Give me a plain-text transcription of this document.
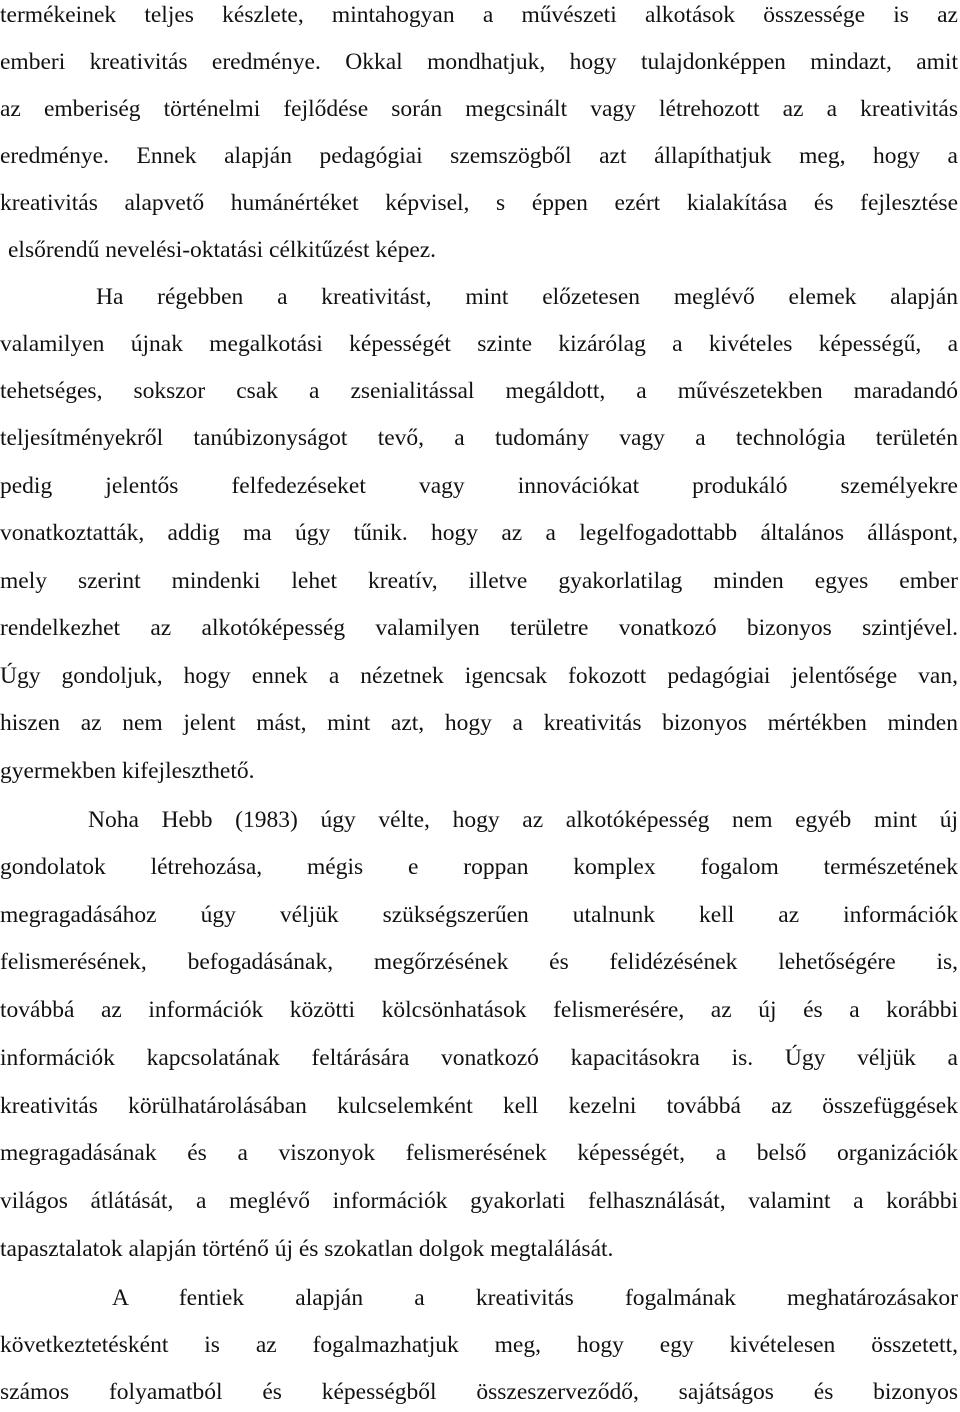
termékeinek teljes készlete, mintahogyan a művészeti alkotások összessége is az
emberi kreativitás eredménye. Okkal mondhatjuk, hogy tulajdonképpen mindazt, amit
az emberiség történelmi fejlődése során megcsinált vagy létrehozott az a kreativitás
eredménye. Ennek alapján pedagógiai szemszögből azt állapíthatjuk meg, hogy a
kreativitás alapvető humánértéket képvisel, s éppen ezért kialakítása és fejlesztése
elsőrendű nevelési-oktatási célkitűzést képez.
Ha régebben a kreativitást, mint előzetesen meglévő elemek alapján
valamilyen újnak megalkotási képességét szinte kizárólag a kivételes képességű, a
tehetséges, sokszor csak a zsenialitással megáldott, a művészetekben maradandó
teljesítményekről tanúbizonyságot tevő, a tudomány vagy a technológia területén
pedig jelentős felfedezéseket vagy innovációkat produkáló személyekre
vonatkoztatták, addig ma úgy tűnik. hogy az a legelfogadottabb általános álláspont,
mely szerint mindenki lehet kreatív, illetve gyakorlatilag minden egyes ember
rendelkezhet az alkotóképesség valamilyen területre vonatkozó bizonyos szintjével.
Úgy gondoljuk, hogy ennek a nézetnek igencsak fokozott pedagógiai jelentősége van,
hiszen az nem jelent mást, mint azt, hogy a kreativitás bizonyos mértékben minden
gyermekben kifejleszthető.
Noha Hebb (1983) úgy vélte, hogy az alkotóképesség nem egyéb mint új
gondolatok létrehozása, mégis e roppan komplex fogalom természetének
megragadásához úgy véljük szükségszerűen utalnunk kell az információk
felismerésének, befogadásának, megőrzésének és felidézésének lehetőségére is,
továbbá az információk közötti kölcsönhatások felismerésére, az új és a korábbi
információk kapcsolatának feltárására vonatkozó kapacitásokra is. Úgy véljük a
kreativitás körülhatárolásában kulcselemként kell kezelni továbbá az összefüggések
megragadásának és a viszonyok felismerésének képességét, a belső organizációk
világos átlátását, a meglévő információk gyakorlati felhasználását, valamint a korábbi
tapasztalatok alapján történő új és szokatlan dolgok megtalálását.
A fentiek alapján a kreativitás fogalmának meghatározásakor
következtetésként is az fogalmazhatjuk meg, hogy egy kivételesen összetett,
számos folyamatból és képességből összeszerveződő, sajátságos és bizonyos
